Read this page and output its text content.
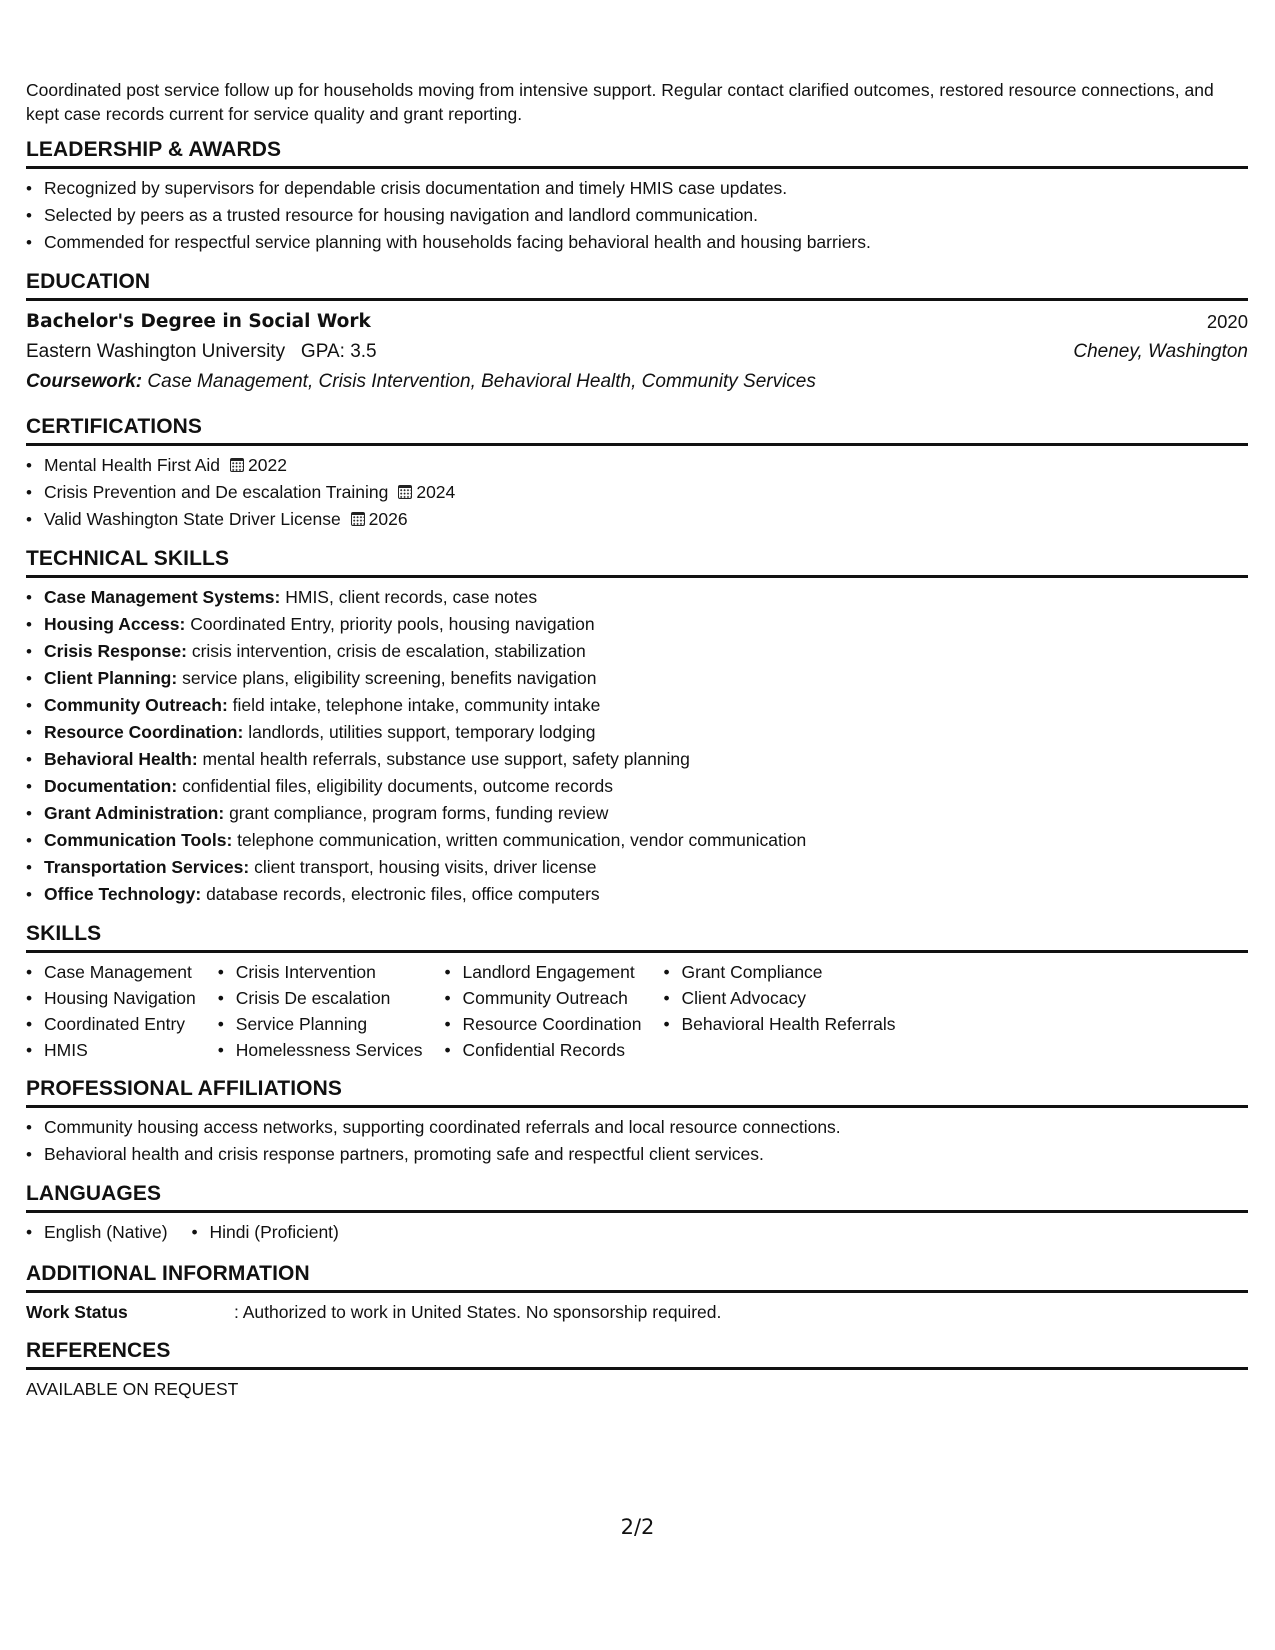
Coordinated post service follow up for households moving from intensive support. Regular contact clarified outcomes, restored resource connections, and kept case records current for service quality and grant reporting.

LEADERSHIP & AWARDS
• Recognized by supervisors for dependable crisis documentation and timely HMIS case updates.
• Selected by peers as a trusted resource for housing navigation and landlord communication.
• Commended for respectful service planning with households facing behavioral health and housing barriers.
EDUCATION
Bachelor's Degree in Social Work	2020
Eastern Washington University GPA: 3.5	Cheney, Washington
Coursework: Case Management, Crisis Intervention, Behavioral Health, Community Services
CERTIFICATIONS
• Mental Health First Aid 2022
• Crisis Prevention and De escalation Training 2024
• Valid Washington State Driver License 2026
TECHNICAL SKILLS
• Case Management Systems: HMIS, client records, case notes
• Housing Access: Coordinated Entry, priority pools, housing navigation
• Crisis Response: crisis intervention, crisis de escalation, stabilization
• Client Planning: service plans, eligibility screening, benefits navigation
• Community Outreach: field intake, telephone intake, community intake
• Resource Coordination: landlords, utilities support, temporary lodging
• Behavioral Health: mental health referrals, substance use support, safety planning
• Documentation: confidential files, eligibility documents, outcome records
• Grant Administration: grant compliance, program forms, funding review
• Communication Tools: telephone communication, written communication, vendor communication
• Transportation Services: client transport, housing visits, driver license
• Office Technology: database records, electronic files, office computers
SKILLS
• Case Management
• Housing Navigation
• Coordinated Entry
• HMIS
• Crisis Intervention
• Crisis De escalation
• Service Planning
• Homelessness Services
• Landlord Engagement
• Community Outreach
• Resource Coordination
• Confidential Records
• Grant Compliance
• Client Advocacy
• Behavioral Health Referrals
PROFESSIONAL AFFILIATIONS
• Community housing access networks, supporting coordinated referrals and local resource connections.
• Behavioral health and crisis response partners, promoting safe and respectful client services.
LANGUAGES
• English (Native)
•	Hindi (Proficient)
ADDITIONAL INFORMATION
Work Status	: Authorized to work in United States. No sponsorship required.
REFERENCES
AVAILABLE ON REQUEST
2/2
